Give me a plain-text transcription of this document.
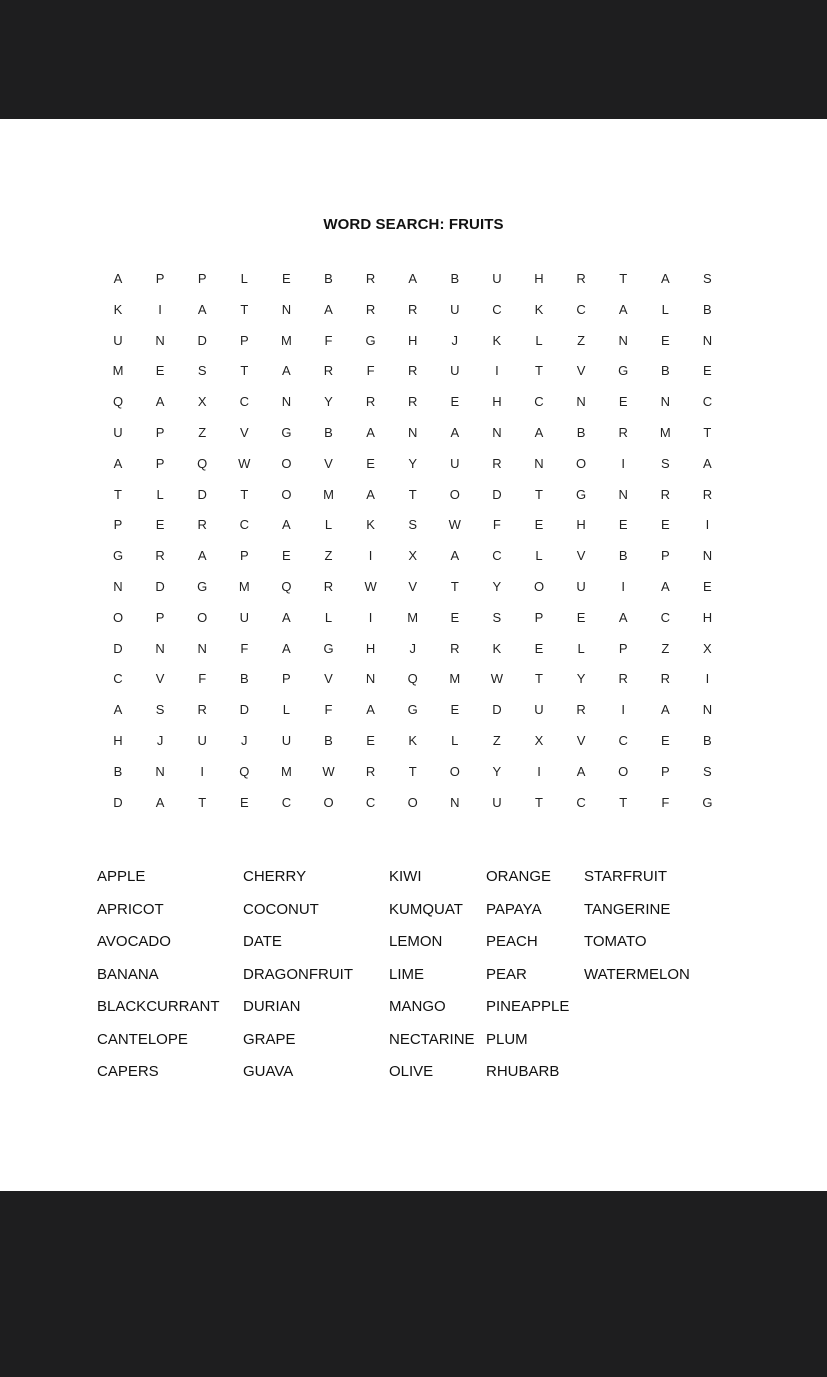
WORD SEARCH: FRUITS
A	P	P	L	E	B	R	A	B	U	H	R	T	A	S
K	I	A	T	N	A	R	R	U	C	K	C	A	L	B
U	N	D	P	M	F	G	H	J	K	L	Z	N	E	N
M	E	S	T	A	R	F	R	U	I	T	V	G	B	E
Q	A	X	C	N	Y	R	R	E	H	C	N	E	N	C
U	P	Z	V	G	B	A	N	A	N	A	B	R	M	T
A	P	Q	W	O	V	E	Y	U	R	N	O	I	S	A
T	L	D	T	O	M	A	T	O	D	T	G	N	R	R
P	E	R	C	A	L	K	S	W	F	E	H	E	E	I
G	R	A	P	E	Z	I	X	A	C	L	V	B	P	N
N	D	G	M	Q	R	W	V	T	Y	O	U	I	A	E
O	P	O	U	A	L	I	M	E	S	P	E	A	C	H
D	N	N	F	A	G	H	J	R	K	E	L	P	Z	X
C	V	F	B	P	V	N	Q	M	W	T	Y	R	R	I
A	S	R	D	L	F	A	G	E	D	U	R	I	A	N
H	J	U	J	U	B	E	K	L	Z	X	V	C	E	B
B	N	I	Q	M	W	R	T	O	Y	I	A	O	P	S
D	A	T	E	C	O	C	O	N	U	T	C	T	F	G
APPLE
APRICOT
AVOCADO
BANANA
BLACKCURRANT
CANTELOPE
CAPERS
CHERRY
COCONUT
DATE
DRAGONFRUIT
DURIAN
GRAPE
GUAVA
KIWI
KUMQUAT
LEMON
LIME
MANGO
NECTARINE
OLIVE
ORANGE
PAPAYA
PEACH
PEAR
PINEAPPLE
PLUM
RHUBARB
STARFRUIT
TANGERINE
TOMATO
WATERMELON
